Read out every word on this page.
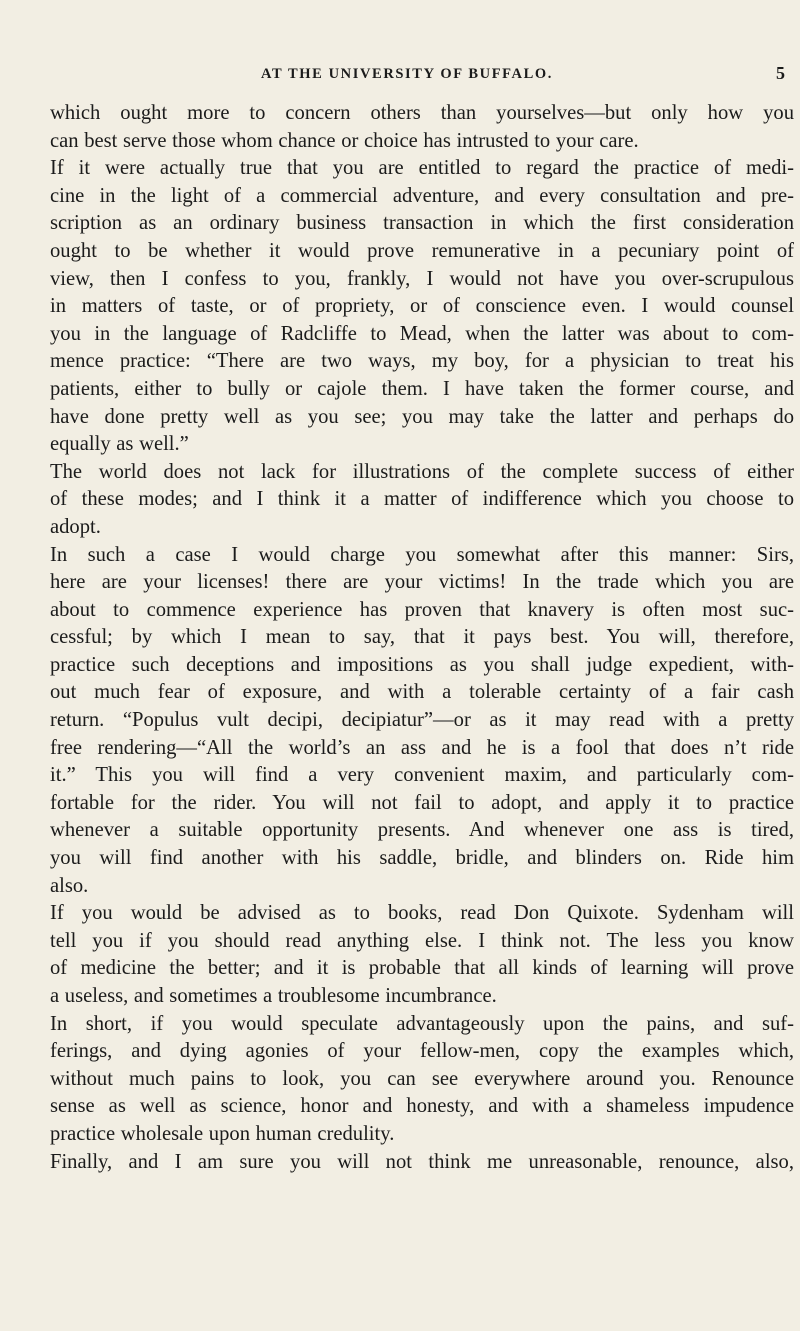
AT THE UNIVERSITY OF BUFFALO.	5

which ought more to concern others than yourselves—but only how you
can best serve those whom chance or choice has intrusted to your care.

If it were actually true that you are entitled to regard the practice of medi-
cine in the light of a commercial adventure, and every consultation and pre-
scription as an ordinary business transaction in which the first consideration
ought to be whether it would prove remunerative in a pecuniary point of
view, then I confess to you, frankly, I would not have you over-scrupulous
in matters of taste, or of propriety, or of conscience even. I would counsel
you in the language of Radcliffe to Mead, when the latter was about to com-
mence practice: “There are two ways, my boy, for a physician to treat his
patients, either to bully or cajole them. I have taken the former course, and
have done pretty well as you see; you may take the latter and perhaps do
equally as well.”

The world does not lack for illustrations of the complete success of either
of these modes; and I think it a matter of indifference which you choose to
adopt.

In such a case I would charge you somewhat after this manner: Sirs,
here are your licenses! there are your victims! In the trade which you are
about to commence experience has proven that knavery is often most suc-
cessful; by which I mean to say, that it pays best. You will, therefore,
practice such deceptions and impositions as you shall judge expedient, with-
out much fear of exposure, and with a tolerable certainty of a fair cash
return. “Populus vult decipi, decipiatur”—or as it may read with a pretty
free rendering—“All the world’s an ass and he is a fool that does n’t ride
it.” This you will find a very convenient maxim, and particularly com-
fortable for the rider. You will not fail to adopt, and apply it to practice
whenever a suitable opportunity presents. And whenever one ass is tired,
you will find another with his saddle, bridle, and blinders on. Ride him
also.

If you would be advised as to books, read Don Quixote. Sydenham will
tell you if you should read anything else. I think not. The less you know
of medicine the better; and it is probable that all kinds of learning will prove
a useless, and sometimes a troublesome incumbrance.

In short, if you would speculate advantageously upon the pains, and suf-
ferings, and dying agonies of your fellow-men, copy the examples which,
without much pains to look, you can see everywhere around you. Renounce
sense as well as science, honor and honesty, and with a shameless impudence
practice wholesale upon human credulity.

Finally, and I am sure you will not think me unreasonable, renounce, also,
